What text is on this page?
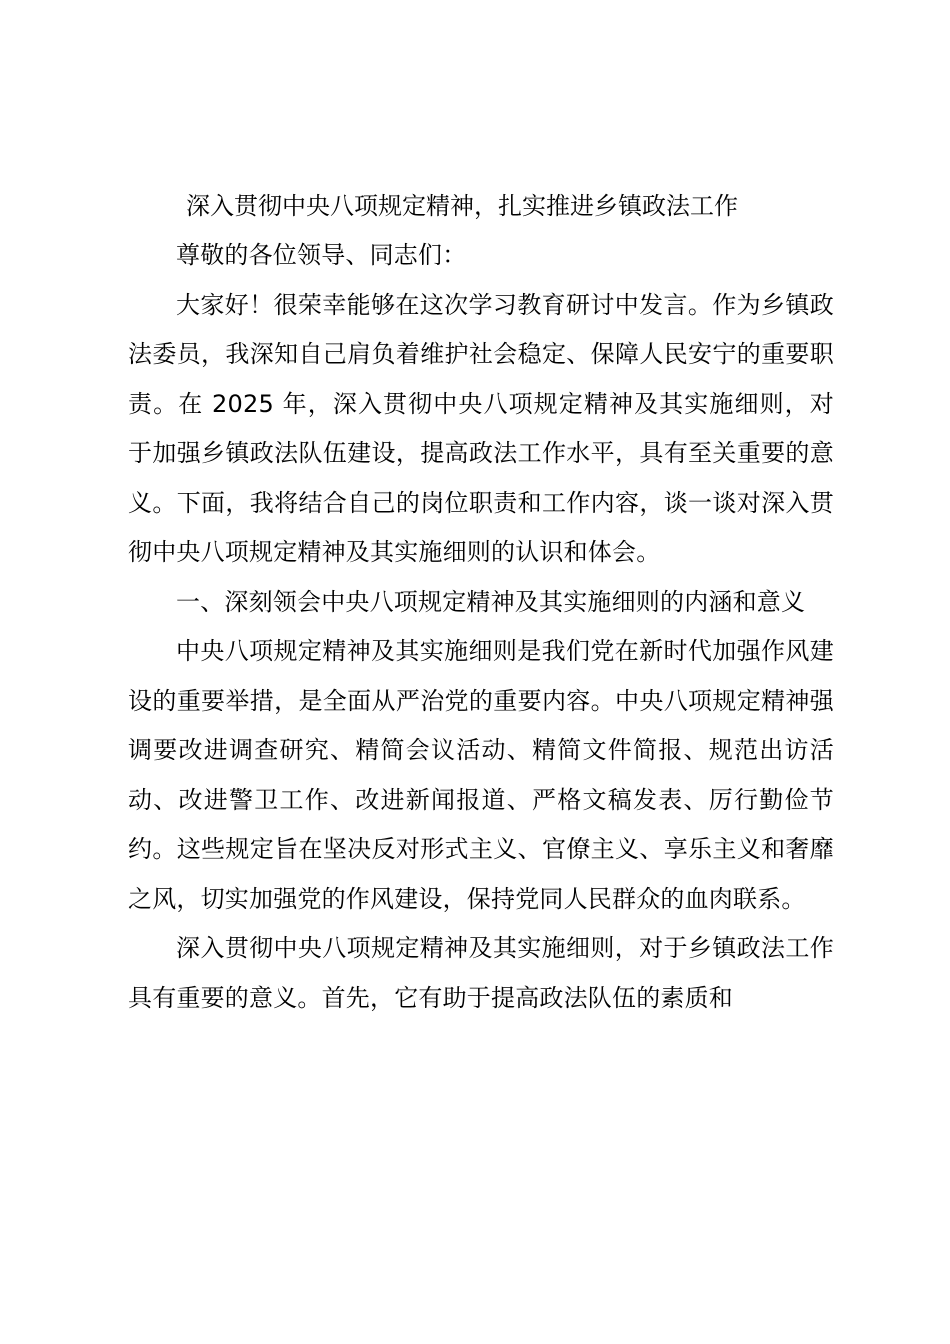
深入贯彻中央八项规定精神，扎实推进乡镇政法工作

尊敬的各位领导、同志们：

大家好！很荣幸能够在这次学习教育研讨中发言。作为乡镇政法委员，我深知自己肩负着维护社会稳定、保障人民安宁的重要职责。在 2025 年，深入贯彻中央八项规定精神及其实施细则，对于加强乡镇政法队伍建设，提高政法工作水平，具有至关重要的意义。下面，我将结合自己的岗位职责和工作内容，谈一谈对深入贯彻中央八项规定精神及其实施细则的认识和体会。

一、深刻领会中央八项规定精神及其实施细则的内涵和意义

中央八项规定精神及其实施细则是我们党在新时代加强作风建设的重要举措，是全面从严治党的重要内容。中央八项规定精神强调要改进调查研究、精简会议活动、精简文件简报、规范出访活动、改进警卫工作、改进新闻报道、严格文稿发表、厉行勤俭节约。这些规定旨在坚决反对形式主义、官僚主义、享乐主义和奢靡之风，切实加强党的作风建设，保持党同人民群众的血肉联系。

深入贯彻中央八项规定精神及其实施细则，对于乡镇政法工作具有重要的意义。首先，它有助于提高政法队伍的素质和
